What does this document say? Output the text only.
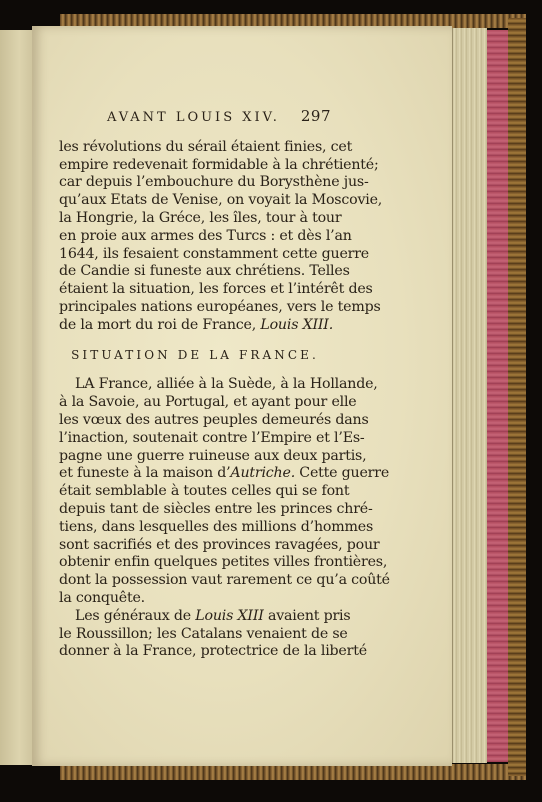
AVANT LOUIS XIV. 297
les révolutions du sérail étaient finies, cet
empire redevenait formidable à la chrétienté;
car depuis l’embouchure du Borysthène jus-
qu’aux Etats de Venise, on voyait la Moscovie,
la Hongrie, la Gréce, les îles, tour à tour
en proie aux armes des Turcs : et dès l’an
1644, ils fesaient constamment cette guerre
de Candie si funeste aux chrétiens. Telles
étaient la situation, les forces et l’intérêt des
principales nations européanes, vers le temps
de la mort du roi de France, Louis XIII.
SITUATION DE LA FRANCE.
LA France, alliée à la Suède, à la Hollande,
à la Savoie, au Portugal, et ayant pour elle
les vœux des autres peuples demeurés dans
l’inaction, soutenait contre l’Empire et l’Es-
pagne une guerre ruineuse aux deux partis,
et funeste à la maison d’Autriche. Cette guerre
était semblable à toutes celles qui se font
depuis tant de siècles entre les princes chré-
tiens, dans lesquelles des millions d’hommes
sont sacrifiés et des provinces ravagées, pour
obtenir enfin quelques petites villes frontières,
dont la possession vaut rarement ce qu’a coûté
la conquête.
Les généraux de Louis XIII avaient pris
le Roussillon; les Catalans venaient de se
donner à la France, protectrice de la liberté
